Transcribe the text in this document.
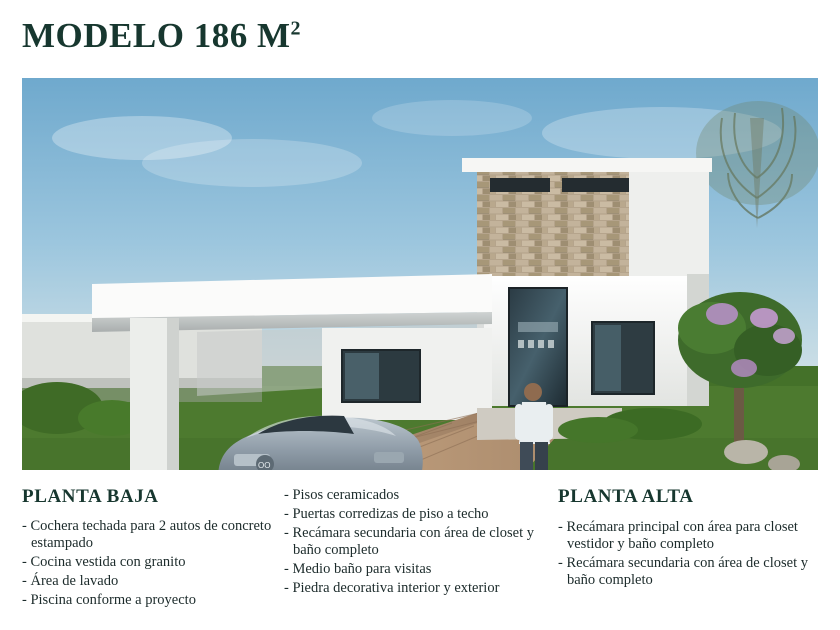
MODELO 186 $M^2$
OO
PLANTA BAJA
- Cochera techada para 2 autos de concreto estampado
- Cocina vestida con granito
- Área de lavado
- Piscina conforme a proyecto
- Pisos ceramicados
- Puertas corredizas de piso a techo
- Recámara secundaria con área de closet y baño completo
- Medio baño para visitas
- Piedra decorativa interior y exterior
PLANTA ALTA
- Recámara principal con área para closet vestidor y baño completo
- Recámara secundaria con área de closet y baño completo
